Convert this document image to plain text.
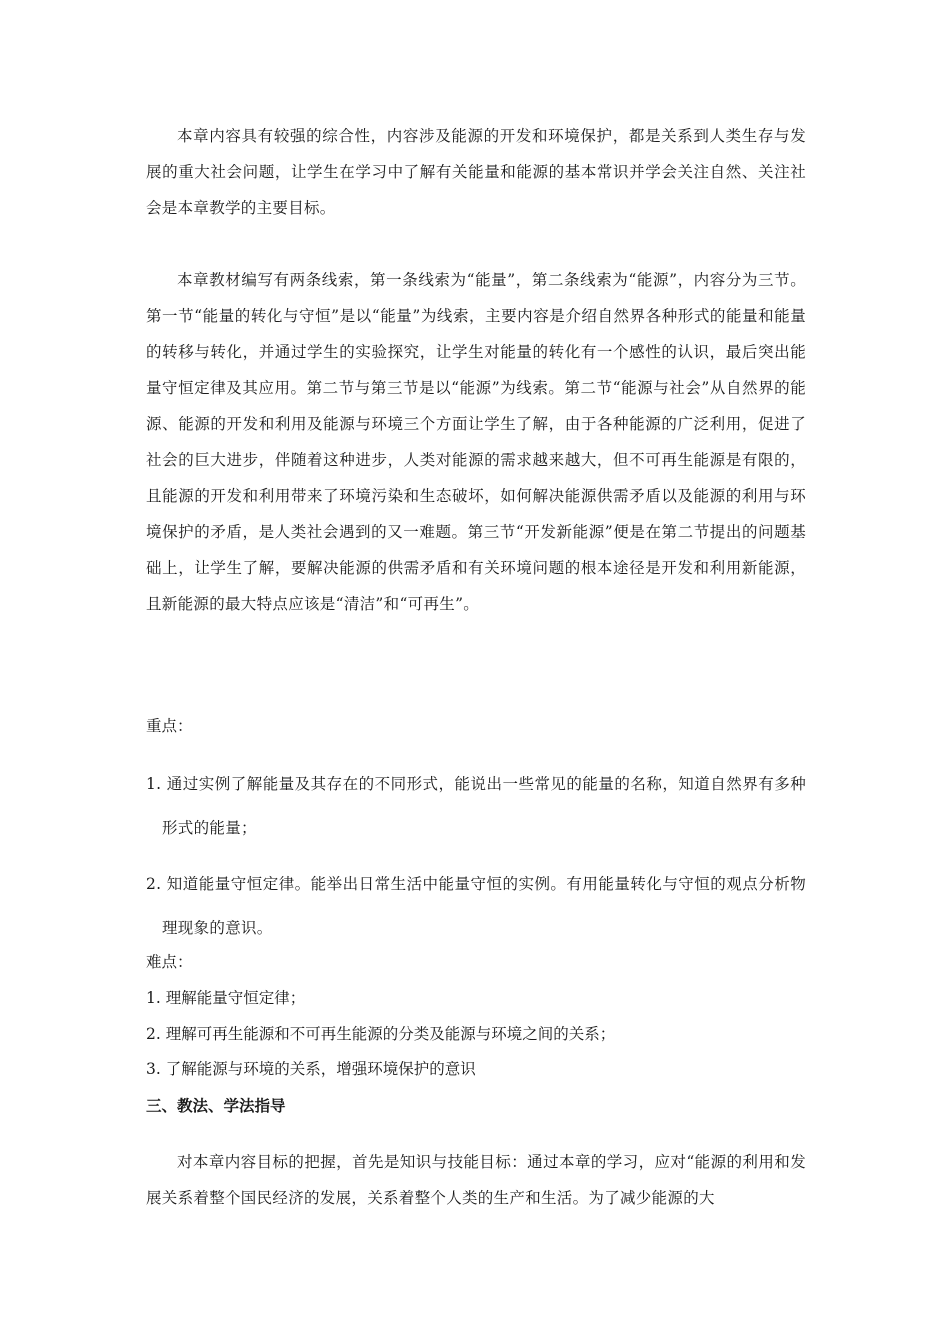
本章内容具有较强的综合性，内容涉及能源的开发和环境保护，都是关系到人类生存与发展的重大社会问题，让学生在学习中了解有关能量和能源的基本常识并学会关注自然、关注社会是本章教学的主要目标。

本章教材编写有两条线索，第一条线索为“能量”，第二条线索为“能源”，内容分为三节。第一节“能量的转化与守恒”是以“能量”为线索，主要内容是介绍自然界各种形式的能量和能量的转移与转化，并通过学生的实验探究，让学生对能量的转化有一个感性的认识，最后突出能量守恒定律及其应用。第二节与第三节是以“能源”为线索。第二节“能源与社会”从自然界的能源、能源的开发和利用及能源与环境三个方面让学生了解，由于各种能源的广泛利用，促进了社会的巨大进步，伴随着这种进步，人类对能源的需求越来越大，但不可再生能源是有限的，且能源的开发和利用带来了环境污染和生态破坏，如何解决能源供需矛盾以及能源的利用与环境保护的矛盾，是人类社会遇到的又一难题。第三节“开发新能源”便是在第二节提出的问题基础上，让学生了解，要解决能源的供需矛盾和有关环境问题的根本途径是开发和利用新能源，且新能源的最大特点应该是“清洁”和“可再生”。

重点：

1. 通过实例了解能量及其存在的不同形式，能说出一些常见的能量的名称，知道自然界有多种形式的能量；

2. 知道能量守恒定律。能举出日常生活中能量守恒的实例。有用能量转化与守恒的观点分析物理现象的意识。

难点：

1. 理解能量守恒定律；

2. 理解可再生能源和不可再生能源的分类及能源与环境之间的关系；

3. 了解能源与环境的关系，增强环境保护的意识

三、教法、学法指导

对本章内容目标的把握，首先是知识与技能目标：通过本章的学习，应对“能源的利用和发展关系着整个国民经济的发展，关系着整个人类的生产和生活。为了减少能源的大
